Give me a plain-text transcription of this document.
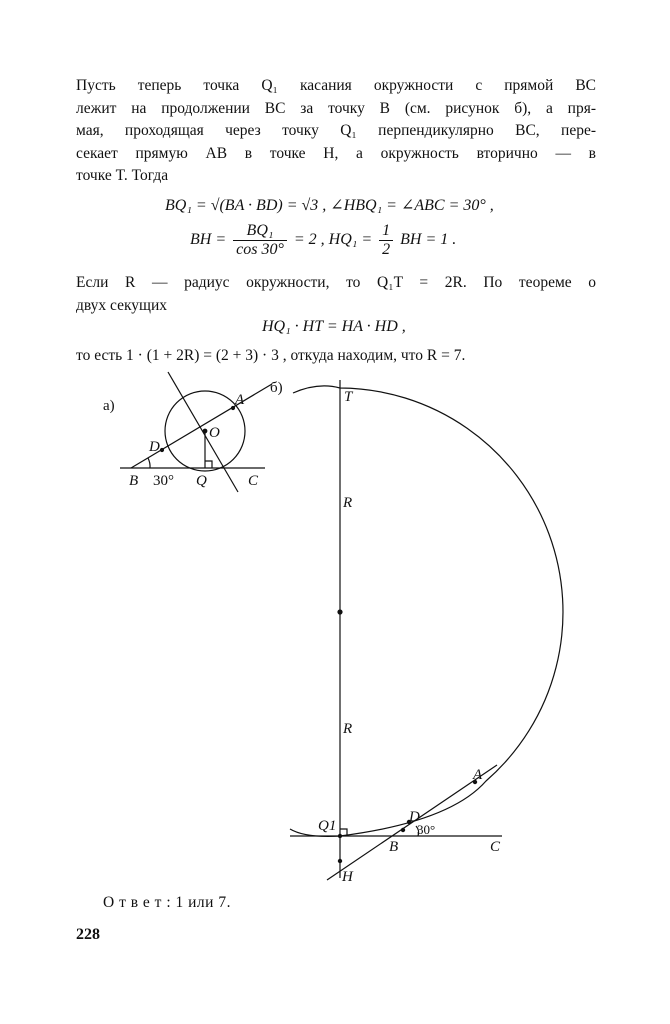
Пусть теперь точка Q₁ касания окружности с прямой BC
лежит на продолжении BC за точку B (см. рисунок б), а пря-
мая, проходящая через точку Q₁ перпендикулярно BC, пере-
секает прямую AB в точке H, а окружность вторично — в
точке T. Тогда
BQ₁ = √(BA · BD) = √3 , ∠HBQ₁ = ∠ABC = 30° ,
BH = $\frac{\text{BQ₁}}{\cos 30^\circ} = 2$ , $HQ_1 = \frac{1}{2}$ BH = 1 .
Если R — радиус окружности, то Q₁T = 2R. По теореме о
двух секущих
HQ₁ · HT = HA · HD ,
то есть 1 · (1 + 2R) = (2 + 3) · 3 , откуда находим, что R = 7.
а)	A
O
D
B	Q	C
30°
б)
T
R
R
A
D
Q1
B	C
H
30°
О т в е т : 1 или 7.
228
